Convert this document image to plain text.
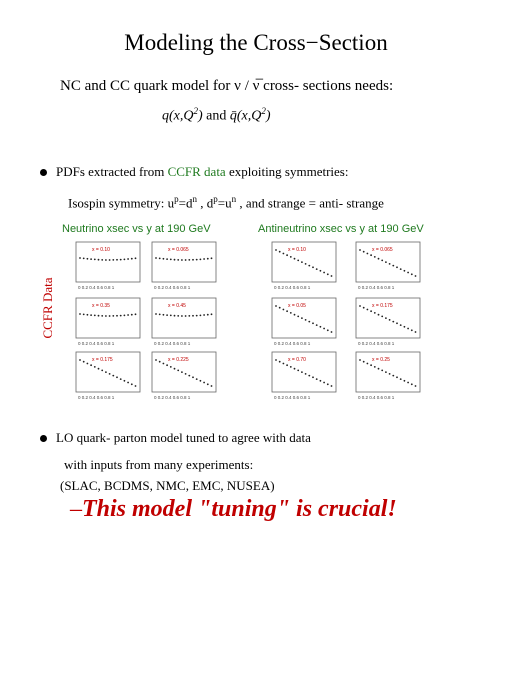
Modeling the Cross−Section
NC and CC quark model for ν / ν̅ cross- sections needs:
$q(x,Q^2)$ and $q̄(x,Q^2)$
PDFs extracted from CCFR data exploiting symmetries:
Isospin symmetry: $u^p=d^n$ , $d^p=u^n$ , and strange = anti- strange
Neutrino xsec vs y at 190 GeV	Antineutrino xsec vs y at 190 GeV
CCFR Data
x = 0.10
0 0.2 0.4 0.6 0.8 1
x = 0.065
0 0.2 0.4 0.6 0.8 1
x = 0.35
0 0.2 0.4 0.6 0.8 1
x = 0.45
0 0.2 0.4 0.6 0.8 1
x = 0.175
0 0.2 0.4 0.6 0.8 1
x = 0.225
0 0.2 0.4 0.6 0.8 1
x = 0.10
0 0.2 0.4 0.6 0.8 1
x = 0.065
0 0.2 0.4 0.6 0.8 1
x = 0.05
0 0.2 0.4 0.6 0.8 1
x = 0.175
0 0.2 0.4 0.6 0.8 1
x = 0.70
0 0.2 0.4 0.6 0.8 1
x = 0.25
0 0.2 0.4 0.6 0.8 1
LO quark- parton model tuned to agree with data
with inputs from many experiments:
(SLAC, BCDMS, NMC, EMC, NUSEA)
–This model "tuning" is crucial!
